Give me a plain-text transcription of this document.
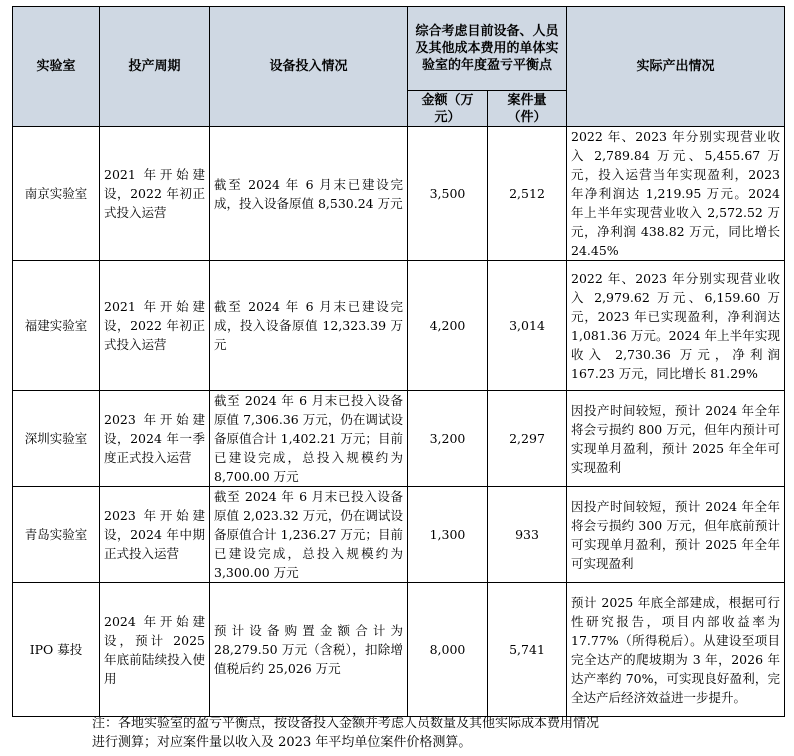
实验室	投产周期	设备投入情况	综合考虑目前设备、人员及其他成本费用的单体实验室的年度盈亏平衡点		实际产出情况
			金额（万元）	案件量（件）	
南京实验室	2021 年开始建设，2022 年初正式投入运营	截至 2024 年 6 月末已建设完成，投入设备原值 8,530.24 万元	3,500	2,512	2022 年、2023 年分别实现营业收入 2,789.84 万元、5,455.67 万元，投入运营当年实现盈利，2023 年净利润达 1,219.95 万元。2024 年上半年实现营业收入 2,572.52 万元，净利润 438.82 万元，同比增长 24.45%
福建实验室	2021 年开始建设，2022 年初正式投入运营	截至 2024 年 6 月末已建设完成，投入设备原值 12,323.39 万元	4,200	3,014	2022 年、2023 年分别实现营业收入 2,979.62 万元、6,159.60 万元，2023 年已实现盈利，净利润达 1,081.36 万元。2024 年上半年实现收入 2,730.36 万元，净利润 167.23 万元，同比增长 81.29%
深圳实验室	2023 年开始建设，2024 年一季度正式投入运营	截至 2024 年 6 月末已投入设备原值 7,306.36 万元，仍在调试设备原值合计 1,402.21 万元；目前已建设完成，总投入规模约为 8,700.00 万元	3,200	2,297	因投产时间较短，预计 2024 年全年将会亏损约 800 万元，但年内预计可实现单月盈利，预计 2025 年全年可实现盈利
青岛实验室	2023 年开始建设，2024 年中期正式投入运营	截至 2024 年 6 月末已投入设备原值 2,023.32 万元，仍在调试设备原值合计 1,236.27 万元；目前已建设完成，总投入规模约为 3,300.00 万元	1,300	933	因投产时间较短，预计 2024 年全年将会亏损约 300 万元，但年底前预计可实现单月盈利，预计 2025 年全年可实现盈利
IPO 募投	2024 年开始建设，预计 2025 年底前陆续投入使用	预计设备购置金额合计为 28,279.50 万元（含税），扣除增值税后约 25,026 万元	8,000	5,741	预计 2025 年底全部建成，根据可行性研究报告，项目内部收益率为 17.77%（所得税后）。从建设至项目完全达产的爬坡期为 3 年，2026 年达产率约 70%，可实现良好盈利，完全达产后经济效益进一步提升。
注：各地实验室的盈亏平衡点，按设备投入金额并考虑人员数量及其他实际成本费用情况
进行测算；对应案件量以收入及 2023 年平均单位案件价格测算。
